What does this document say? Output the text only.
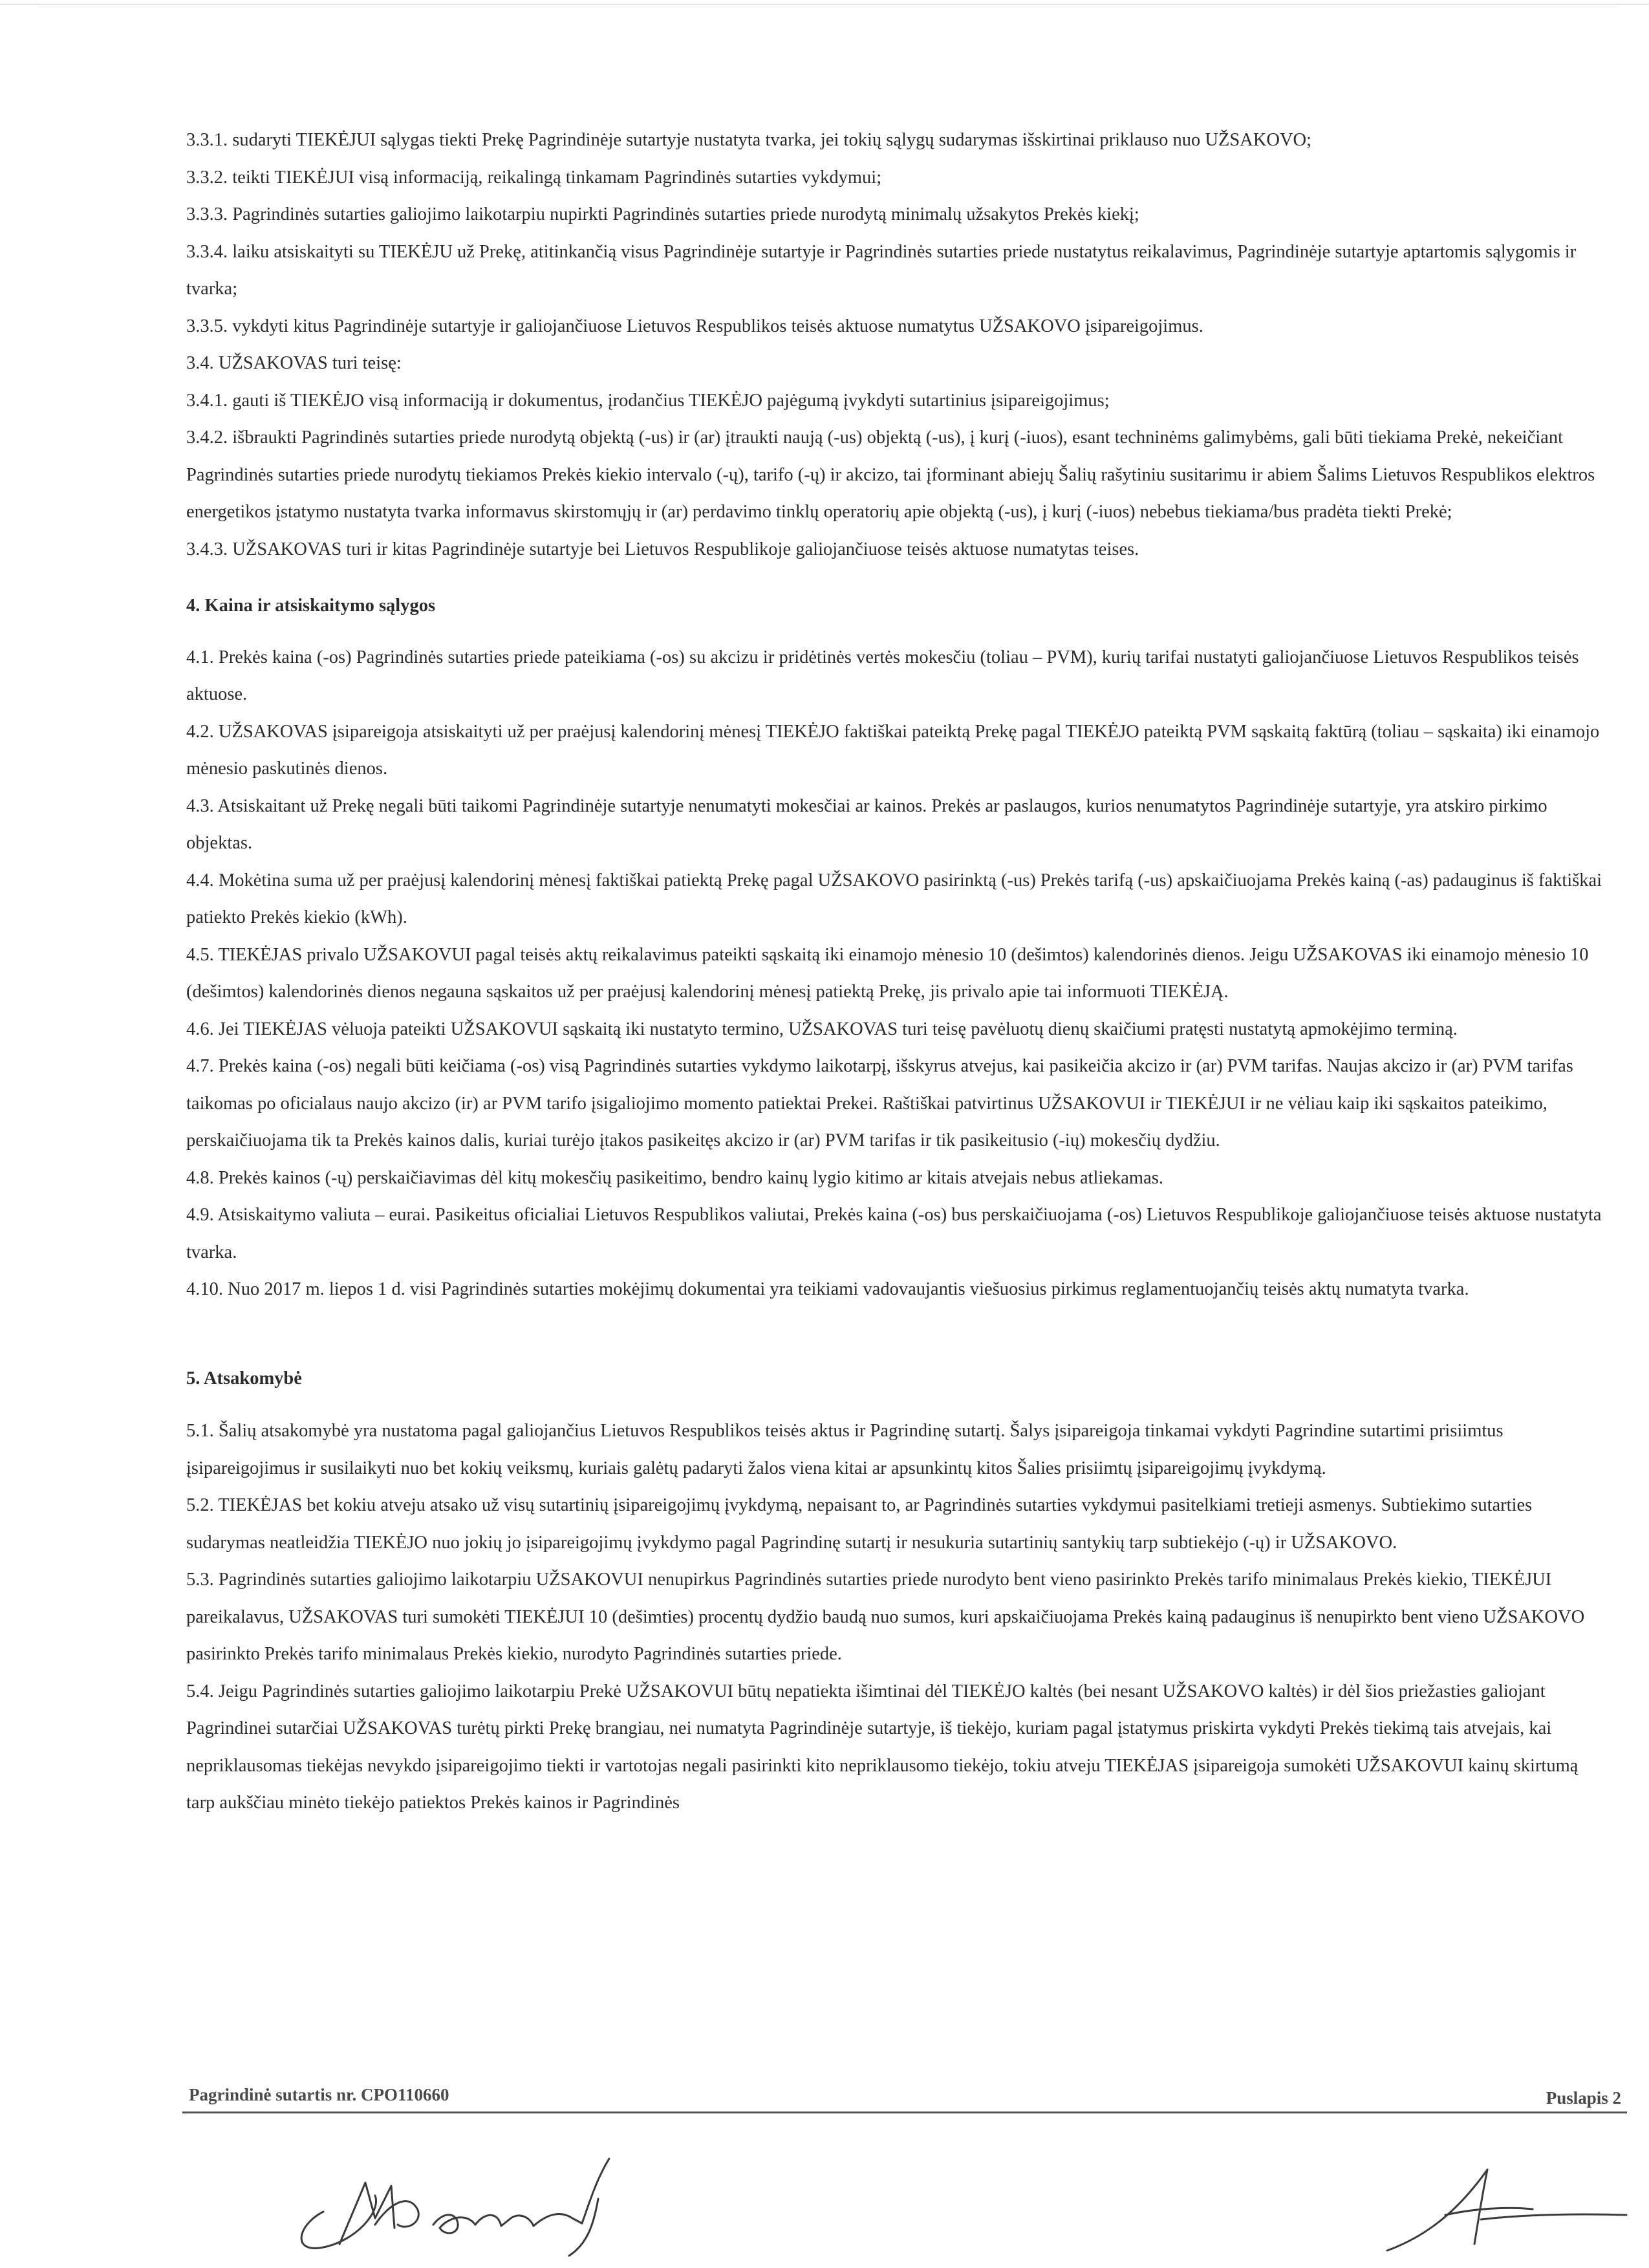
3.3.1. sudaryti TIEKĖJUI sąlygas tiekti Prekę Pagrindinėje sutartyje nustatyta tvarka, jei tokių sąlygų sudarymas išskirtinai priklauso nuo UŽSAKOVO;

3.3.2. teikti TIEKĖJUI visą informaciją, reikalingą tinkamam Pagrindinės sutarties vykdymui;

3.3.3. Pagrindinės sutarties galiojimo laikotarpiu nupirkti Pagrindinės sutarties priede nurodytą minimalų užsakytos Prekės kiekį;

3.3.4. laiku atsiskaityti su TIEKĖJU už Prekę, atitinkančią visus Pagrindinėje sutartyje ir Pagrindinės sutarties priede nustatytus reikalavimus, Pagrindinėje sutartyje aptartomis sąlygomis ir tvarka;

3.3.5. vykdyti kitus Pagrindinėje sutartyje ir galiojančiuose Lietuvos Respublikos teisės aktuose numatytus UŽSAKOVO įsipareigojimus.

3.4. UŽSAKOVAS turi teisę:

3.4.1. gauti iš TIEKĖJO visą informaciją ir dokumentus, įrodančius TIEKĖJO pajėgumą įvykdyti sutartinius įsipareigojimus;

3.4.2. išbraukti Pagrindinės sutarties priede nurodytą objektą (-us) ir (ar) įtraukti naują (-us) objektą (-us), į kurį (-iuos), esant techninėms galimybėms, gali būti tiekiama Prekė, nekeičiant Pagrindinės sutarties priede nurodytų tiekiamos Prekės kiekio intervalo (-ų), tarifo (-ų) ir akcizo, tai įforminant abiejų Šalių rašytiniu susitarimu ir abiem Šalims Lietuvos Respublikos elektros energetikos įstatymo nustatyta tvarka informavus skirstomųjų ir (ar) perdavimo tinklų operatorių apie objektą (-us), į kurį (-iuos) nebebus tiekiama/bus pradėta tiekti Prekė;

3.4.3. UŽSAKOVAS turi ir kitas Pagrindinėje sutartyje bei Lietuvos Respublikoje galiojančiuose teisės aktuose numatytas teises.

4. Kaina ir atsiskaitymo sąlygos

4.1. Prekės kaina (-os) Pagrindinės sutarties priede pateikiama (-os) su akcizu ir pridėtinės vertės mokesčiu (toliau – PVM), kurių tarifai nustatyti galiojančiuose Lietuvos Respublikos teisės aktuose.

4.2. UŽSAKOVAS įsipareigoja atsiskaityti už per praėjusį kalendorinį mėnesį TIEKĖJO faktiškai pateiktą Prekę pagal TIEKĖJO pateiktą PVM sąskaitą faktūrą (toliau – sąskaita) iki einamojo mėnesio paskutinės dienos.

4.3. Atsiskaitant už Prekę negali būti taikomi Pagrindinėje sutartyje nenumatyti mokesčiai ar kainos. Prekės ar paslaugos, kurios nenumatytos Pagrindinėje sutartyje, yra atskiro pirkimo objektas.

4.4. Mokėtina suma už per praėjusį kalendorinį mėnesį faktiškai patiektą Prekę pagal UŽSAKOVO pasirinktą (-us) Prekės tarifą (-us) apskaičiuojama Prekės kainą (-as) padauginus iš faktiškai patiekto Prekės kiekio (kWh).

4.5. TIEKĖJAS privalo UŽSAKOVUI pagal teisės aktų reikalavimus pateikti sąskaitą iki einamojo mėnesio 10 (dešimtos) kalendorinės dienos. Jeigu UŽSAKOVAS iki einamojo mėnesio 10 (dešimtos) kalendorinės dienos negauna sąskaitos už per praėjusį kalendorinį mėnesį patiektą Prekę, jis privalo apie tai informuoti TIEKĖJĄ.

4.6. Jei TIEKĖJAS vėluoja pateikti UŽSAKOVUI sąskaitą iki nustatyto termino, UŽSAKOVAS turi teisę pavėluotų dienų skaičiumi pratęsti nustatytą apmokėjimo terminą.

4.7. Prekės kaina (-os) negali būti keičiama (-os) visą Pagrindinės sutarties vykdymo laikotarpį, išskyrus atvejus, kai pasikeičia akcizo ir (ar) PVM tarifas. Naujas akcizo ir (ar) PVM tarifas taikomas po oficialaus naujo akcizo (ir) ar PVM tarifo įsigaliojimo momento patiektai Prekei. Raštiškai patvirtinus UŽSAKOVUI ir TIEKĖJUI ir ne vėliau kaip iki sąskaitos pateikimo, perskaičiuojama tik ta Prekės kainos dalis, kuriai turėjo įtakos pasikeitęs akcizo ir (ar) PVM tarifas ir tik pasikeitusio (-ių) mokesčių dydžiu.

4.8. Prekės kainos (-ų) perskaičiavimas dėl kitų mokesčių pasikeitimo, bendro kainų lygio kitimo ar kitais atvejais nebus atliekamas.

4.9. Atsiskaitymo valiuta – eurai. Pasikeitus oficialiai Lietuvos Respublikos valiutai, Prekės kaina (-os) bus perskaičiuojama (-os) Lietuvos Respublikoje galiojančiuose teisės aktuose nustatyta tvarka.

4.10. Nuo 2017 m. liepos 1 d. visi Pagrindinės sutarties mokėjimų dokumentai yra teikiami vadovaujantis viešuosius pirkimus reglamentuojančių teisės aktų numatyta tvarka.

5. Atsakomybė

5.1. Šalių atsakomybė yra nustatoma pagal galiojančius Lietuvos Respublikos teisės aktus ir Pagrindinę sutartį. Šalys įsipareigoja tinkamai vykdyti Pagrindine sutartimi prisiimtus įsipareigojimus ir susilaikyti nuo bet kokių veiksmų, kuriais galėtų padaryti žalos viena kitai ar apsunkintų kitos Šalies prisiimtų įsipareigojimų įvykdymą.

5.2. TIEKĖJAS bet kokiu atveju atsako už visų sutartinių įsipareigojimų įvykdymą, nepaisant to, ar Pagrindinės sutarties vykdymui pasitelkiami tretieji asmenys. Subtiekimo sutarties sudarymas neatleidžia TIEKĖJO nuo jokių jo įsipareigojimų įvykdymo pagal Pagrindinę sutartį ir nesukuria sutartinių santykių tarp subtiekėjo (-ų) ir UŽSAKOVO.

5.3. Pagrindinės sutarties galiojimo laikotarpiu UŽSAKOVUI nenupirkus Pagrindinės sutarties priede nurodyto bent vieno pasirinkto Prekės tarifo minimalaus Prekės kiekio, TIEKĖJUI pareikalavus, UŽSAKOVAS turi sumokėti TIEKĖJUI 10 (dešimties) procentų dydžio baudą nuo sumos, kuri apskaičiuojama Prekės kainą padauginus iš nenupirkto bent vieno UŽSAKOVO pasirinkto Prekės tarifo minimalaus Prekės kiekio, nurodyto Pagrindinės sutarties priede.

5.4. Jeigu Pagrindinės sutarties galiojimo laikotarpiu Prekė UŽSAKOVUI būtų nepatiekta išimtinai dėl TIEKĖJO kaltės (bei nesant UŽSAKOVO kaltės) ir dėl šios priežasties galiojant Pagrindinei sutarčiai UŽSAKOVAS turėtų pirkti Prekę brangiau, nei numatyta Pagrindinėje sutartyje, iš tiekėjo, kuriam pagal įstatymus priskirta vykdyti Prekės tiekimą tais atvejais, kai nepriklausomas tiekėjas nevykdo įsipareigojimo tiekti ir vartotojas negali pasirinkti kito nepriklausomo tiekėjo, tokiu atveju TIEKĖJAS įsipareigoja sumokėti UŽSAKOVUI kainų skirtumą tarp aukščiau minėto tiekėjo patiektos Prekės kainos ir Pagrindinės

Pagrindinė sutartis nr. CPO110660	Puslapis 2
